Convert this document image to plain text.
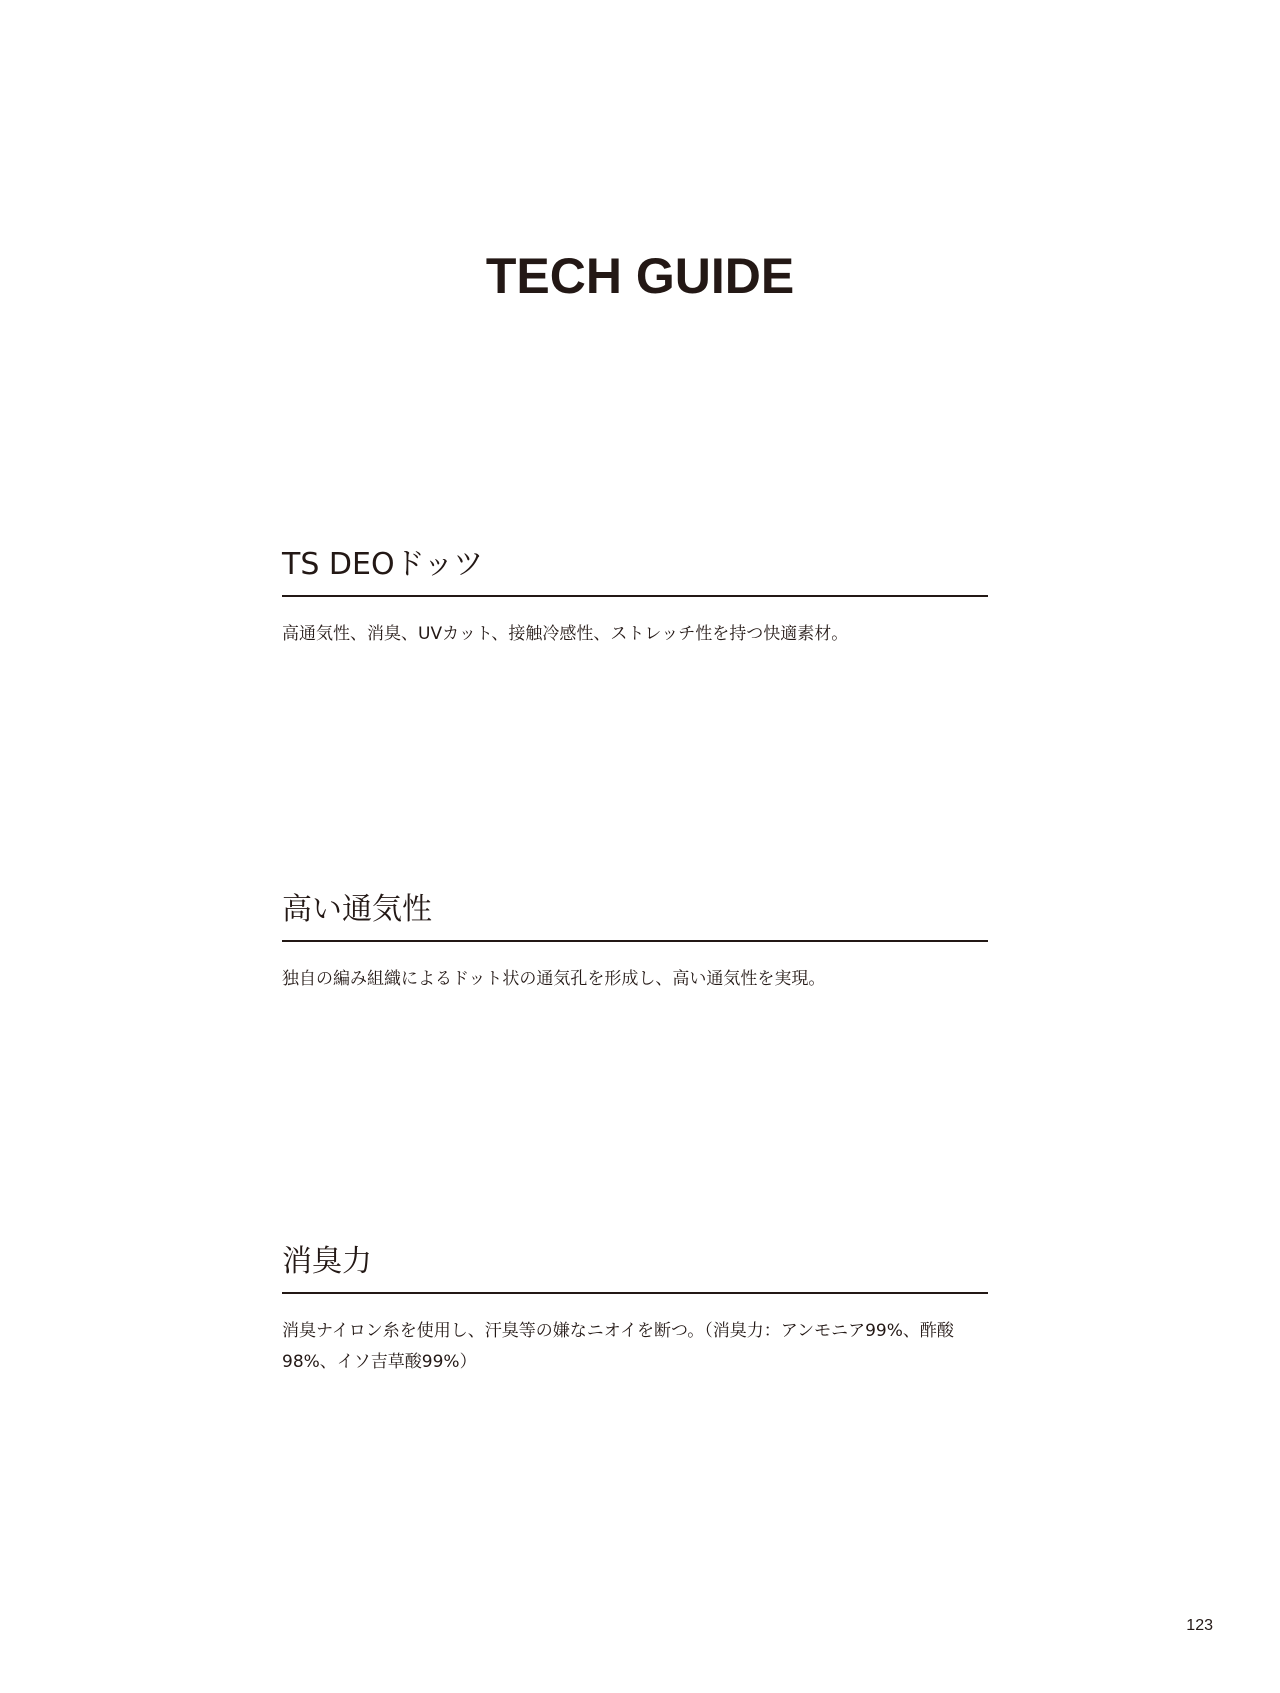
TECH GUIDE
TS DEOドッツ

高通気性、消臭、UVカット、接触冷感性、ストレッチ性を持つ快適素材。

高い通気性

独自の編み組織によるドット状の通気孔を形成し、高い通気性を実現。

消臭力

消臭ナイロン糸を使用し、汗臭等の嫌なニオイを断つ。（消臭力：アンモニア99%、酢酸98%、イソ吉草酸99%）

123
